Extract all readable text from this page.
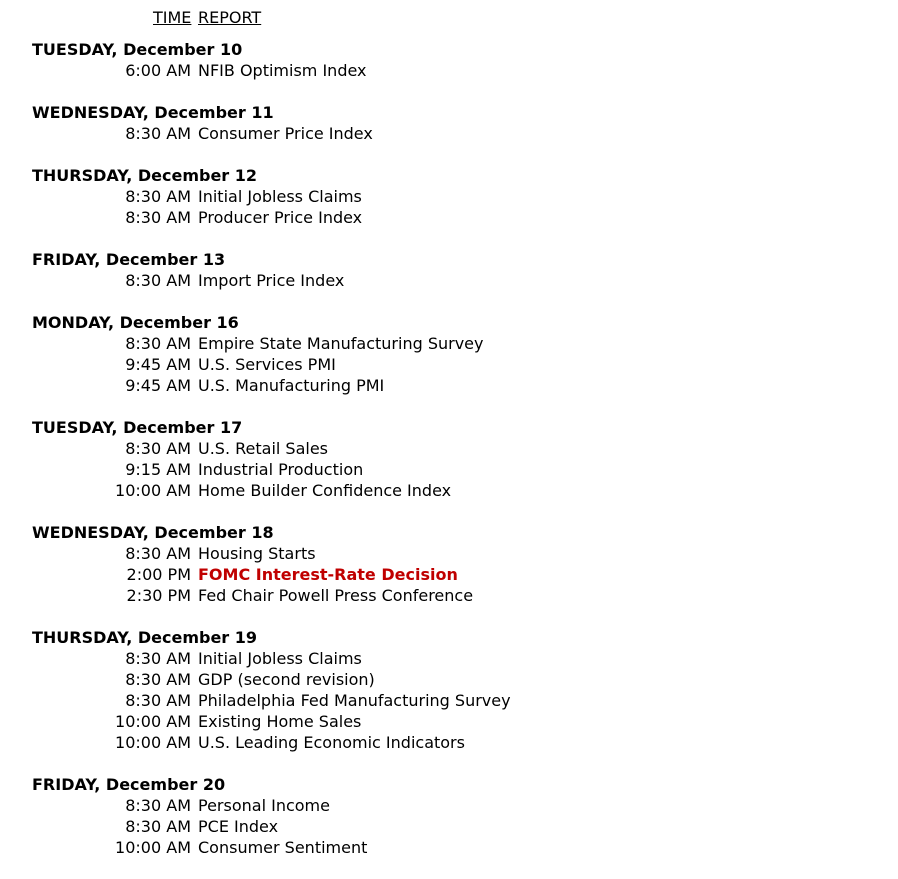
TIME REPORT
TUESDAY, December 10
6:00 AM NFIB Optimism Index
WEDNESDAY, December 11
8:30 AM Consumer Price Index
THURSDAY, December 12
8:30 AM Initial Jobless Claims
8:30 AM Producer Price Index
FRIDAY, December 13
8:30 AM Import Price Index
MONDAY, December 16
8:30 AM Empire State Manufacturing Survey
9:45 AM U.S. Services PMI
9:45 AM U.S. Manufacturing PMI
TUESDAY, December 17
8:30 AM U.S. Retail Sales
9:15 AM Industrial Production
10:00 AM Home Builder Confidence Index
WEDNESDAY, December 18
8:30 AM Housing Starts
2:00 PM FOMC Interest-Rate Decision
2:30 PM Fed Chair Powell Press Conference
THURSDAY, December 19
8:30 AM Initial Jobless Claims
8:30 AM GDP (second revision)
8:30 AM Philadelphia Fed Manufacturing Survey
10:00 AM Existing Home Sales
10:00 AM U.S. Leading Economic Indicators
FRIDAY, December 20
8:30 AM Personal Income
8:30 AM PCE Index
10:00 AM Consumer Sentiment
